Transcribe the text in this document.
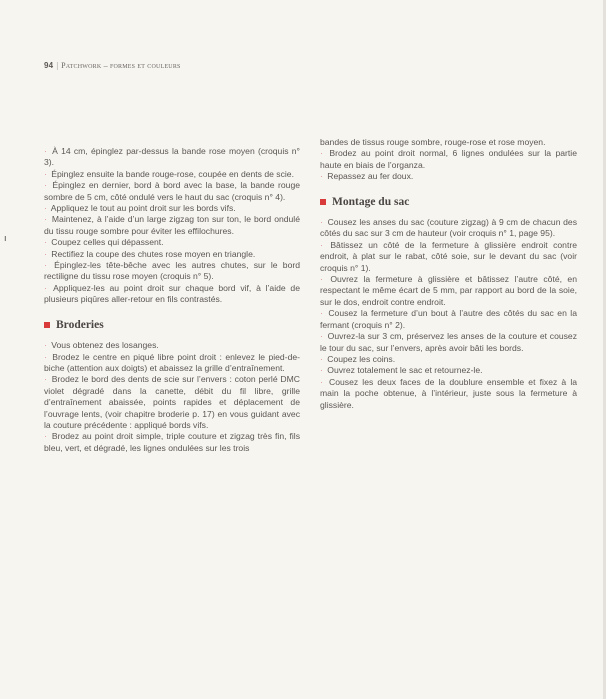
94 | Patchwork – formes et couleurs
ı

· À 14 cm, épinglez par-dessus la bande rose moyen (croquis n° 3).

· Épinglez ensuite la bande rouge-rose, coupée en dents de scie.

· Épinglez en dernier, bord à bord avec la base, la bande rouge sombre de 5 cm, côté ondulé vers le haut du sac (croquis n° 4).

· Appliquez le tout au point droit sur les bords vifs.

· Maintenez, à l’aide d’un large zigzag ton sur ton, le bord ondulé du tissu rouge sombre pour éviter les effilochures.

· Coupez celles qui dépassent.

· Rectifiez la coupe des chutes rose moyen en triangle.

· Épinglez-les tête-bêche avec les autres chutes, sur le bord rectiligne du tissu rose moyen (croquis n° 5).

· Appliquez-les au point droit sur chaque bord vif, à l’aide de plusieurs piqûres aller-retour en fils contrastés.

Broderies

· Vous obtenez des losanges.

· Brodez le centre en piqué libre point droit : enlevez le pied-de-biche (attention aux doigts) et abaissez la grille d’entraînement.

· Brodez le bord des dents de scie sur l’envers : coton perlé DMC violet dégradé dans la canette, débit du fil libre, grille d’entraînement abaissée, points rapides et déplacement de l’ouvrage lents, (voir chapitre broderie p. 17) en vous guidant avec la couture précédente : appliqué bords vifs.

· Brodez au point droit simple, triple couture et zigzag très fin, fils bleu, vert, et dégradé, les lignes ondulées sur les trois

bandes de tissus rouge sombre, rouge-rose et rose moyen.

· Brodez au point droit normal, 6 lignes ondulées sur la partie haute en biais de l’organza.

· Repassez au fer doux.

Montage du sac

· Cousez les anses du sac (couture zigzag) à 9 cm de chacun des côtés du sac sur 3 cm de hauteur (voir croquis n° 1, page 95).

· Bâtissez un côté de la fermeture à glissière endroit contre endroit, à plat sur le rabat, côté soie, sur le devant du sac (voir croquis n° 1).

· Ouvrez la fermeture à glissière et bâtissez l’autre côté, en respectant le même écart de 5 mm, par rapport au bord de la soie, sur le dos, endroit contre endroit.

· Cousez la fermeture d’un bout à l’autre des côtés du sac en la fermant (croquis n° 2).

· Ouvrez-la sur 3 cm, préservez les anses de la couture et cousez le tour du sac, sur l’envers, après avoir bâti les bords.

· Coupez les coins.

· Ouvrez totalement le sac et retournez-le.

· Cousez les deux faces de la doublure ensemble et fixez à la main la poche obtenue, à l’intérieur, juste sous la fermeture à glissière.
